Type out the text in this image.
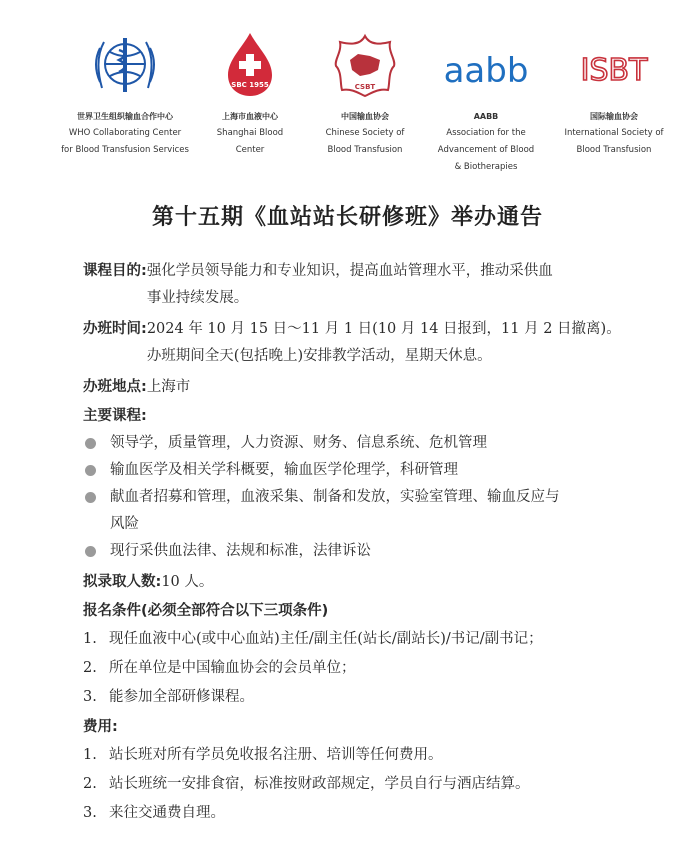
世界卫生组织输血合作中心
WHO Collaborating Center
for Blood Transfusion Services
SBC 1955
上海市血液中心
Shanghai Blood
Center
CSBT
中国输血协会
Chinese Society of
Blood Transfusion
aabb
AABB
Association for the
Advancement of Blood
& Biotherapies
ISBT
国际输血协会
International Society of
Blood Transfusion
第十五期《血站站长研修班》举办通告
课程目的: 强化学员领导能力和专业知识，提高血站管理水平，推动采供血
事业持续发展。
办班时间: 2024 年 10 月 15 日～11 月 1 日(10 月 14 日报到，11 月 2 日撤离)。
办班期间全天(包括晚上)安排教学活动，星期天休息。
办班地点: 上海市
主要课程:
领导学，质量管理，人力资源、财务、信息系统、危机管理
输血医学及相关学科概要，输血医学伦理学，科研管理
献血者招募和管理，血液采集、制备和发放，实验室管理、输血反应与
风险
现行采供血法律、法规和标准，法律诉讼
拟录取人数: 10 人。
报名条件(必须全部符合以下三项条件)
1. 现任血液中心(或中心血站)主任/副主任(站长/副站长)/书记/副书记；
2. 所在单位是中国输血协会的会员单位；
3. 能参加全部研修课程。
费用:
1. 站长班对所有学员免收报名注册、培训等任何费用。
2. 站长班统一安排食宿，标准按财政部规定，学员自行与酒店结算。
3. 来往交通费自理。
